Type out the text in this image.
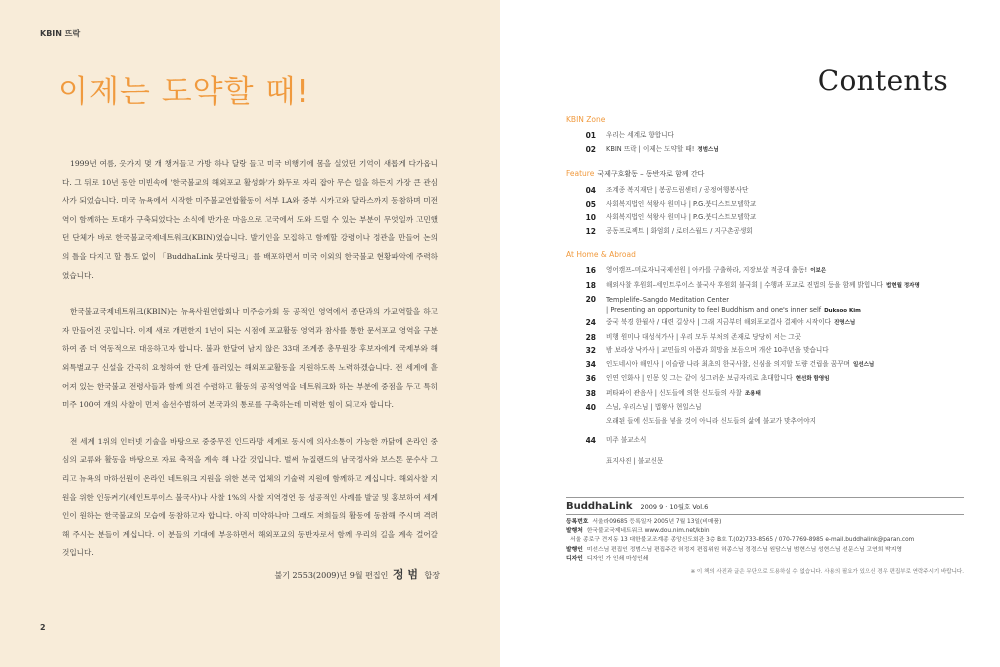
KBIN 뜨락
이제는 도약할 때!

1999년 여름, 옷가지 몇 개 챙겨들고 가방 하나 달랑 들고 미국 비행기에 몸을 실었던 기억이 새롭게 다가옵니다. 그 뒤로 10년 동안 미빈속에 '한국불교의 해외포교 활성화'가 화두로 자리 잡아 무슨 일을 하든지 가장 큰 관심사가 되었습니다. 미국 뉴욕에서 시작한 미주불교연합활동이 서부 LA와 중부 시카고와 달라스까지 동참하며 미전역이 함께하는 토대가 구축되었다는 소식에 반가운 마음으로 고국에서 도와 드릴 수 있는 부분이 무엇일까 고민했던 단체가 바로 한국불교국제네트워크(KBIN)였습니다. 발기인을 모집하고 함께할 강령이나 정관을 만들어 논의의 틀을 다지고 할 틈도 없이 「BuddhaLink 붓다링크」를 배포하면서 미국 이외의 한국불교 현황파악에 주력하였습니다.

한국불교국제네트워크(KBIN)는 뉴욕사원연합회나 미주승가회 등 공적인 영역에서 종단과의 가교역할을 하고자 만들어진 곳입니다. 이제 새로 개편한지 1년이 되는 시점에 포교활동 영역과 참사를 통한 문서포교 영역을 구분하여 좀 더 역동적으로 대응하고자 합니다. 불과 한달여 남지 않은 33대 조계종 총무원장 후보자에게 국제부와 해외특별교구 신설을 간곡히 요청하여 한 단계 플러있는 해외포교활동을 지원하도록 노력하겠습니다. 전 세계에 흩어져 있는 한국불교 전령사들과 함께 의견 수렴하고 활동의 공적영역을 네트워크화 하는 부분에 중점을 두고 특히 미주 100여 개의 사찰이 먼저 솔선수범하여 본국과의 통로를 구축하는데 미력한 힘이 되고자 합니다.

전 세계 1위의 인터넷 기술을 바탕으로 중중무진 인드라망 세계로 동시에 의사소통이 가능한 까닭에 온라인 중심의 교류와 활동을 바탕으로 자료 축적을 계속 해 나갈 것입니다. 벌써 뉴질랜드의 남국정사와 보스톤 문수사 그리고 뉴욕의 마하선원이 온라인 네트워크 지원을 위한 본국 업체의 기술력 지원에 함께하고 계십니다. 해외사찰 지원을 위한 인등켜기(세인트루이스 불국사)나 사찰 1%의 사찰 지역경연 등 성공적인 사례를 발굴 및 홍보하여 세계인이 원하는 한국불교의 모습에 동참하고자 합니다. 아직 미약하나마 그래도 저희들의 활동에 동참해 주시며 격려해 주시는 분들이 계십니다. 이 분들의 기대에 부응하면서 해외포교의 동반자로서 함께 우리의 길을 계속 걸어갈 것입니다.

불기 2553(2009)년 9월 편집인 정 범 합장
2
Contents
KBIN Zone
01	우리는 세계로 향합니다
02	KBIN 뜨락 | 이제는 도약할 때! 정범스님
Feature 국제구호활동 – 동반자로 함께 간다
04	조계종 복지재단 | 봉공드림센터 / 공정여행봉사단
05	사회복지법인 석왕사 원미나 | P.G.붓디스트모델학교
10	사회복지법인 석왕사 원미나 | P.G.붓디스트모델학교
12	공동프로젝트 | 화엄회 / 로터스월드 / 지구촌공생회
At Home & Abroad
16	영어캠프–미로자니국제선원 | 아카를 구출하라, 지장보살 적공대 출동! 이보은
18	해외사찰 후원회–세인트루이스 불국사 후원회 불국회 | 수행과 포교로 진법의 등을 함께 밝힙니다 법현월 정자명
20	Templelife–Sangdo Meditation Center
| Presenting an opportunity to feel Buddhism and one's inner self Duksoo Kim
24	중국 북경 한월사 / 대련 길상사 | 그래 지금부터 해외포교결사 결제야 시작이다 진영스님
28	비행 원미나 대성석가사 | 우리 모두 부처의 존재로 당당히 서는 그곳
32	밤 보라상 낙카사 | 교민들의 아픔과 희망을 보듬으며 개산 10주년을 맞습니다
34	인도네시아 해인사 | 이슬람 나라 최초의 한국사찰, 신심을 의지할 도량 건립을 꿈꾸며 일선스님
36	인연 인화사 | 인몽 잊 그는 같이 싱그러운 보금자리로 초대합니다 현선화 함영임
38	퍼타파이 관음사 | 신도들에 의한 신도들의 사찰 조용태
40	스님, 우리스님 | 법왕사 현일스님
오래된 들에 신도들을 넣을 것이 아니라 신도들의 삶에 불교가 맞추어야지
44	미주 불교소식
표지사진 | 불교신문
BuddhaLink 2009 9 · 10월호 Vol.6
등록번호 서울라09685 등록일자 2005년 7월 13일(비매품)
발행처 한국불교국제네트워크 www.dou.nim.net/kbin
서울 종로구 견지동 13 대한불교조계종 종앙신도회관 3층 B호 T.(02)733-8565 / 070-7769-8985 e-mail.buddhalink@paran.com
발행인 미선스님 편집인 정범스님 편집주간 허정지 편집위원 허종스님 정경스님 원담스님 범현스님 성현스님 선문스님 고연희 박지영
디자인 디자인 가 인쇄 마성인쇄
※ 이 책의 사진과 글은 무단으로 도용하실 수 없습니다. 사용의 필요가 있으신 경우 편집부로 연락주시기 바랍니다.
